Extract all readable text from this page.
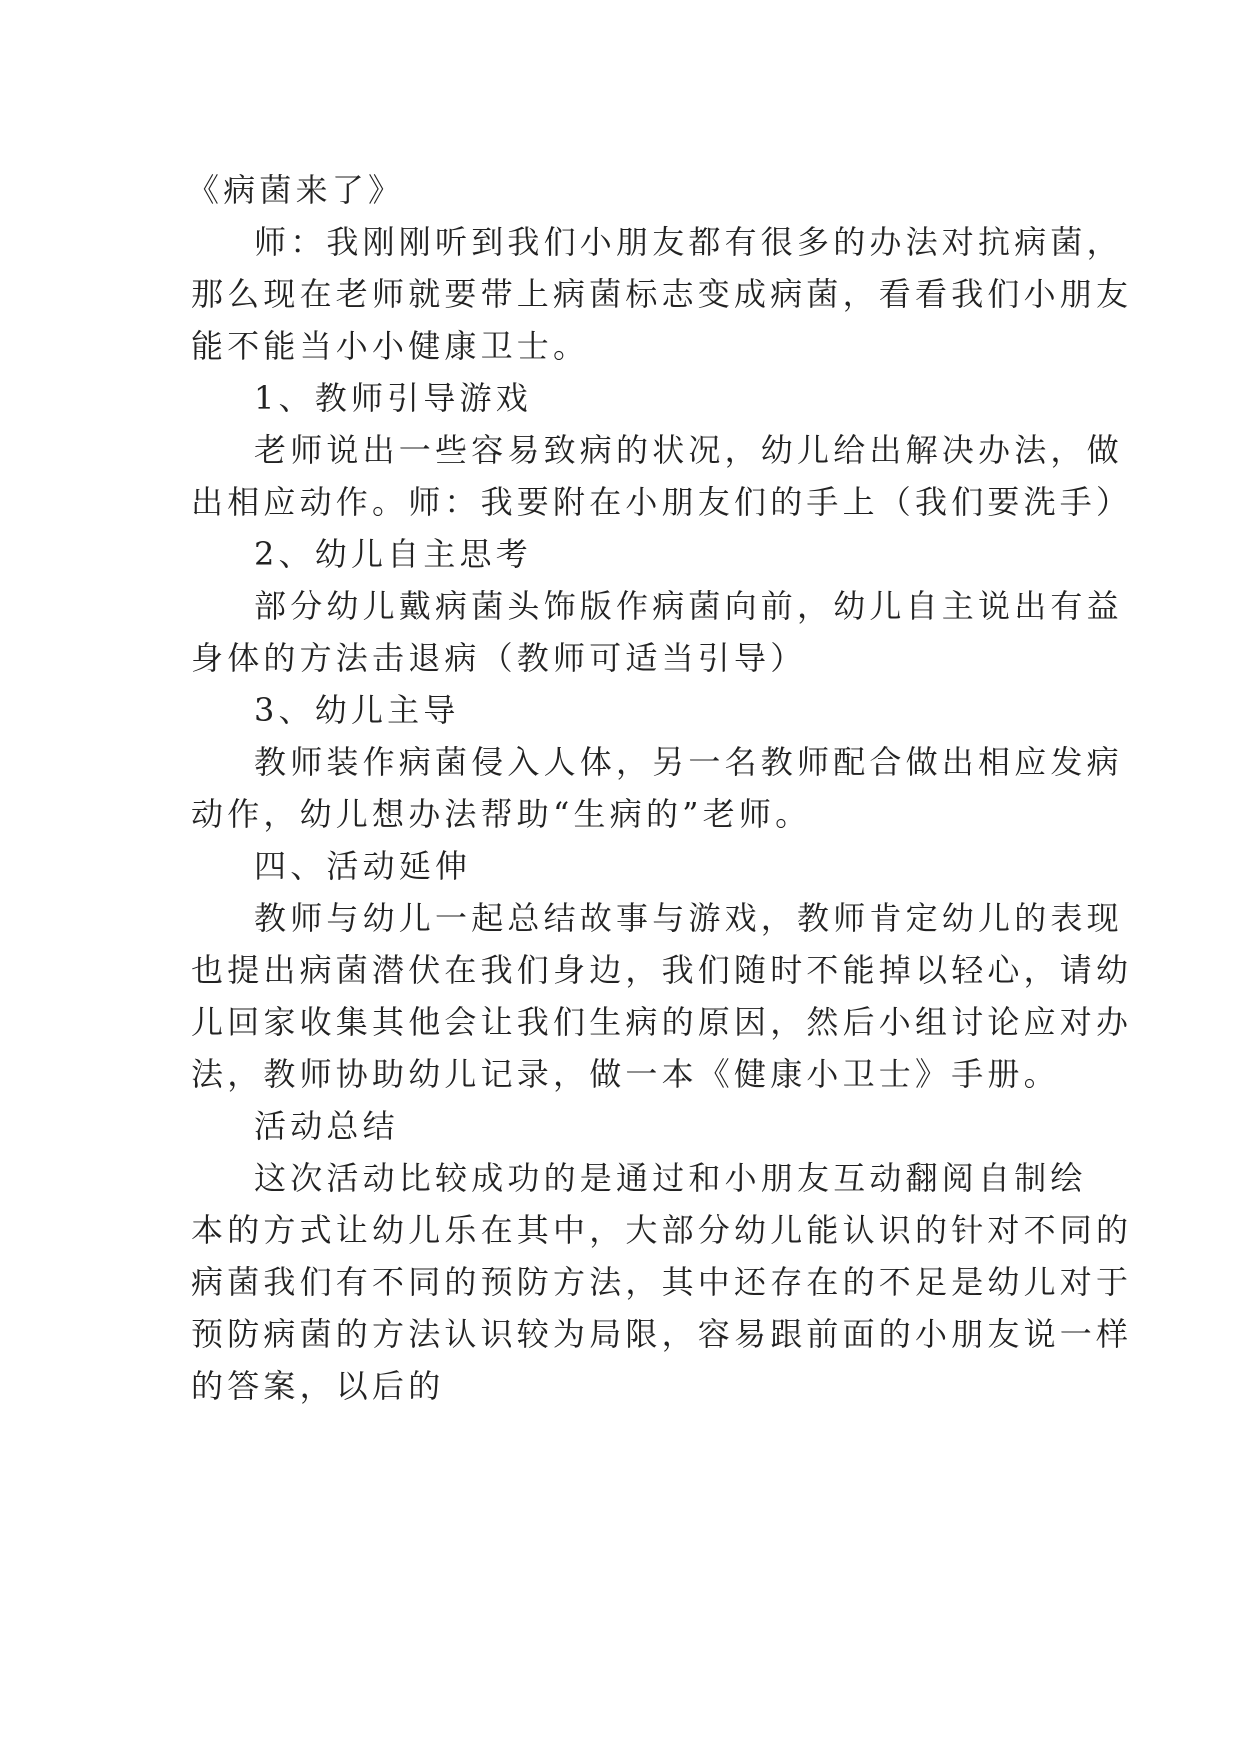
《病菌来了》
师：我刚刚听到我们小朋友都有很多的办法对抗病菌，
那么现在老师就要带上病菌标志变成病菌，看看我们小朋友
能不能当小小健康卫士。
1、教师引导游戏
老师说出一些容易致病的状况，幼儿给出解决办法，做
出相应动作。师：我要附在小朋友们的手上（我们要洗手）
2、幼儿自主思考
部分幼儿戴病菌头饰版作病菌向前，幼儿自主说出有益
身体的方法击退病（教师可适当引导）
3、幼儿主导
教师装作病菌侵入人体，另一名教师配合做出相应发病
动作，幼儿想办法帮助“生病的”老师。
四、活动延伸
教师与幼儿一起总结故事与游戏，教师肯定幼儿的表现
也提出病菌潜伏在我们身边，我们随时不能掉以轻心，请幼
儿回家收集其他会让我们生病的原因，然后小组讨论应对办
法，教师协助幼儿记录，做一本《健康小卫士》手册。
活动总结
这次活动比较成功的是通过和小朋友互动翻阅自制绘
本的方式让幼儿乐在其中，大部分幼儿能认识的针对不同的
病菌我们有不同的预防方法，其中还存在的不足是幼儿对于
预防病菌的方法认识较为局限，容易跟前面的小朋友说一样
的答案，以后的
